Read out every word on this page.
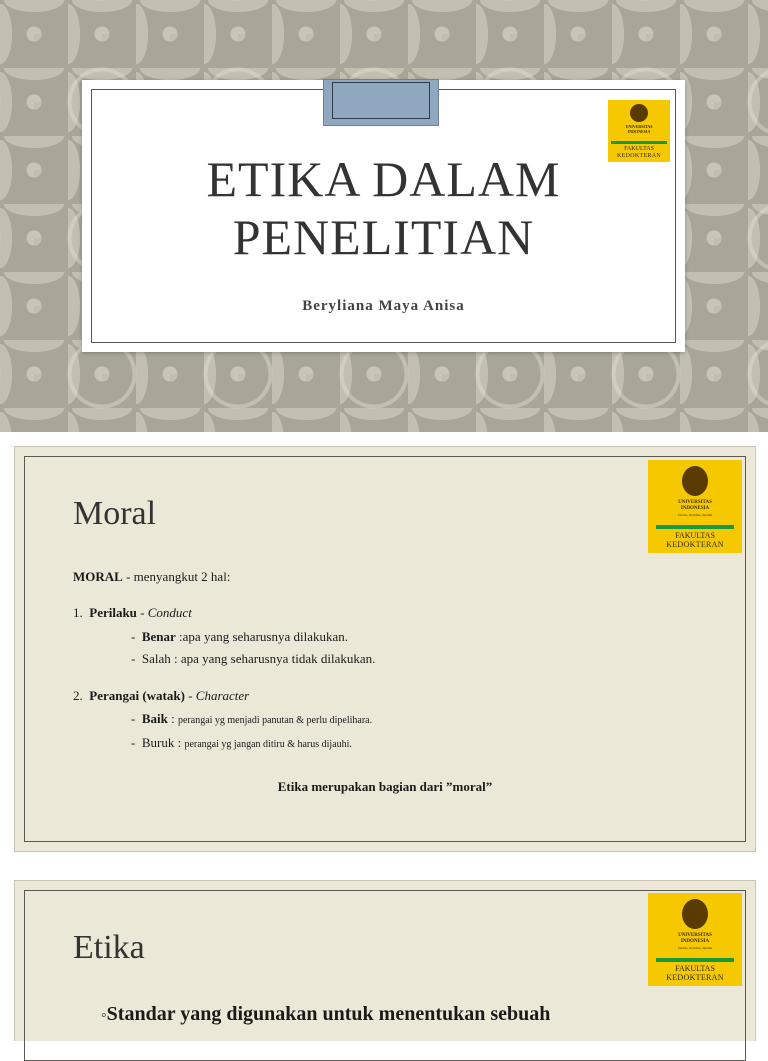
UNIVERSITAS
INDONESIA
FAKULTAS
KEDOKTERAN
ETIKA DALAM
PENELITIAN
Beryliana Maya Anisa
UNIVERSITAS
INDONESIA
Veritas, Probitas, Iustitia
FAKULTAS
KEDOKTERAN
Moral
MORAL - menyangkut 2 hal:
1. Perilaku - Conduct
- Benar :apa yang seharusnya dilakukan.
- Salah : apa yang seharusnya tidak dilakukan.
2. Perangai (watak) - Character
- Baik : perangai yg menjadi panutan & perlu dipelihara.
- Buruk : perangai yg jangan ditiru & harus dijauhi.
Etika merupakan bagian dari ”moral”
UNIVERSITAS
INDONESIA
Veritas, Probitas, Iustitia
FAKULTAS
KEDOKTERAN
Etika
◦Standar yang digunakan untuk menentukan sebuah
